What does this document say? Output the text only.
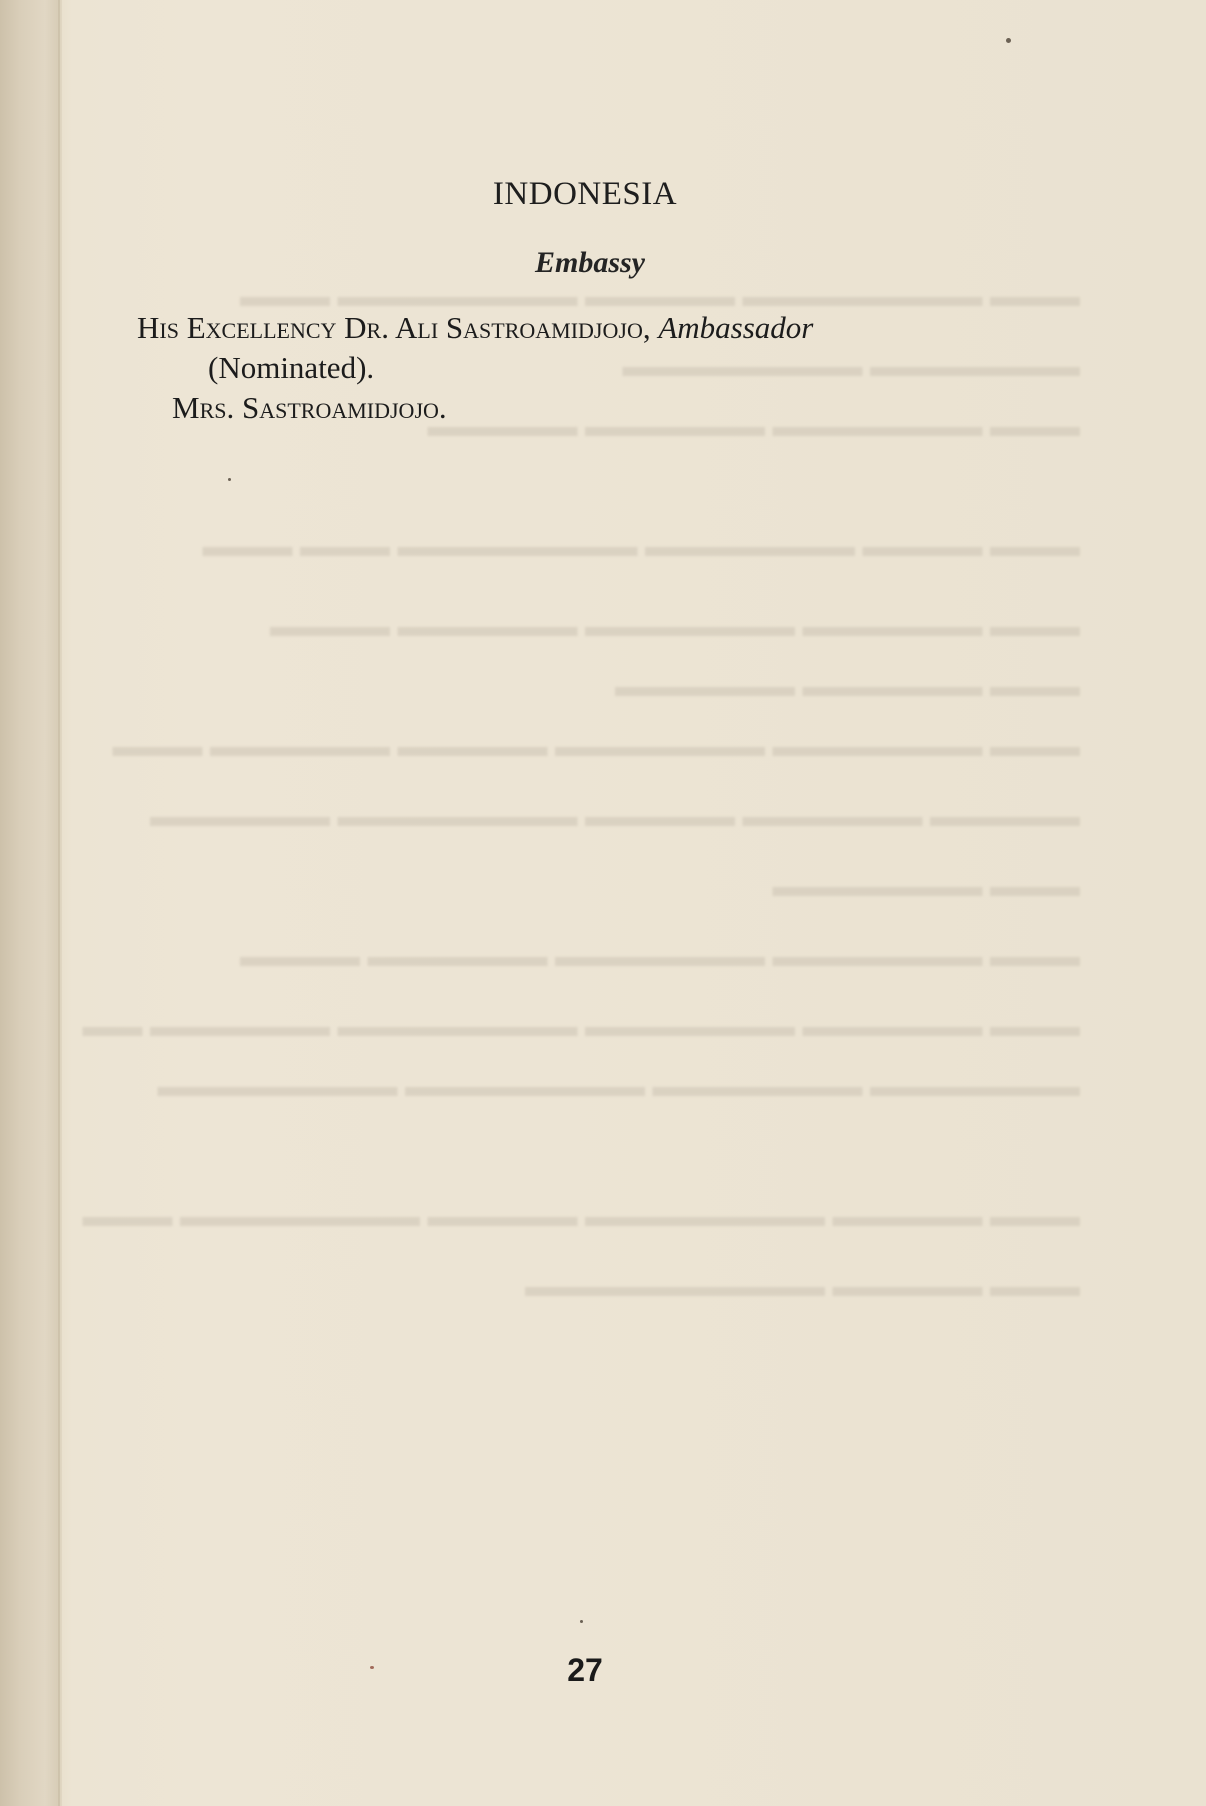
▬▬▬ ▬▬▬▬▬▬▬▬ ▬▬▬▬▬ ▬▬▬▬▬▬▬▬ ▬▬▬
▬▬▬▬▬▬▬ ▬▬▬▬▬▬▬▬
▬▬▬ ▬▬▬▬▬▬▬ ▬▬▬▬▬▬ ▬▬▬▬▬
▬▬▬ ▬▬▬▬ ▬▬▬▬▬▬▬ ▬▬▬▬▬▬▬▬ ▬▬▬ ▬▬▬
▬▬▬ ▬▬▬▬▬▬ ▬▬▬▬▬▬▬ ▬▬▬▬▬▬ ▬▬▬▬
▬▬▬ ▬▬▬▬▬▬ ▬▬▬▬▬▬
▬▬▬ ▬▬▬▬▬▬▬ ▬▬▬▬▬▬▬ ▬▬▬▬▬ ▬▬▬▬▬▬ ▬▬▬
▬▬▬▬▬ ▬▬▬▬▬▬ ▬▬▬▬▬ ▬▬▬▬▬▬▬▬ ▬▬▬▬▬▬
▬▬▬ ▬▬▬▬▬▬▬
▬▬▬ ▬▬▬▬▬▬▬ ▬▬▬▬▬▬▬ ▬▬▬▬▬▬ ▬▬▬▬
▬▬▬ ▬▬▬▬▬▬ ▬▬▬▬▬▬▬ ▬▬▬▬▬▬▬▬ ▬▬▬▬▬▬ ▬▬
▬▬▬▬▬▬▬ ▬▬▬▬▬▬▬ ▬▬▬▬▬▬▬▬ ▬▬▬▬▬▬▬▬
▬▬▬ ▬▬▬▬▬ ▬▬▬▬▬▬▬▬ ▬▬▬▬▬ ▬▬▬▬▬▬▬▬ ▬▬▬
▬▬▬ ▬▬▬▬▬ ▬▬▬▬▬▬▬▬▬▬
INDONESIA
Embassy
His Excellency Dr. Ali Sastroamidjojo, Ambassador
(Nominated).
Mrs. Sastroamidjojo.
27
